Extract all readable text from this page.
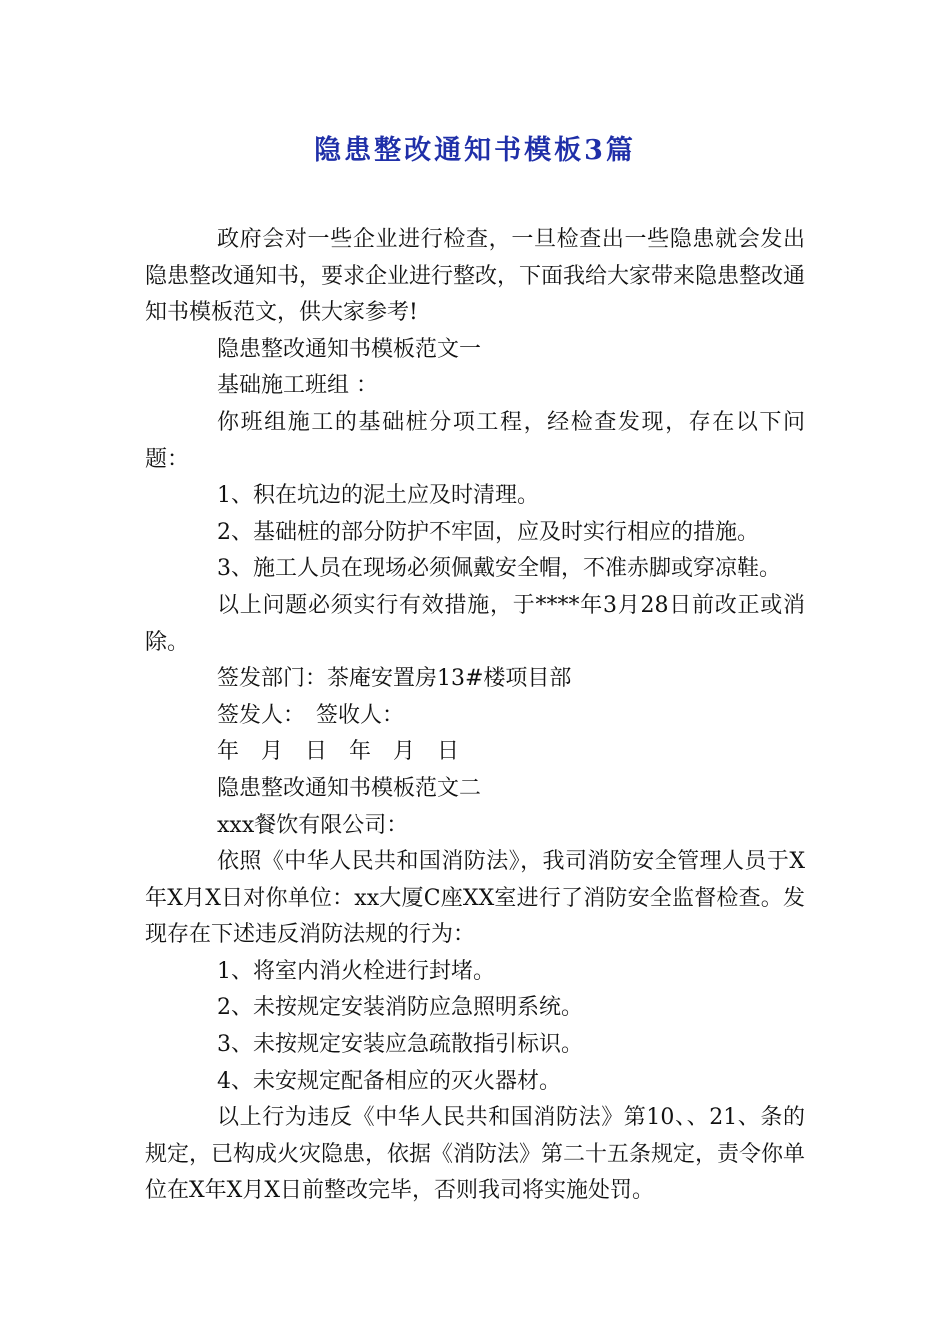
隐患整改通知书模板3篇

政府会对一些企业进行检查，一旦检查出一些隐患就会发出隐患整改通知书，要求企业进行整改，下面我给大家带来隐患整改通知书模板范文，供大家参考!

隐患整改通知书模板范文一

基础施工班组 ：

你班组施工的基础桩分项工程，经检查发现，存在以下问题：

1、积在坑边的泥土应及时清理。

2、基础桩的部分防护不牢固，应及时实行相应的措施。

3、施工人员在现场必须佩戴安全帽，不准赤脚或穿凉鞋。

以上问题必须实行有效措施，于****年3月28日前改正或消除。

签发部门：茶庵安置房13#楼项目部

签发人：　签收人：

年　月　日　年　月　日

隐患整改通知书模板范文二

xxx餐饮有限公司：

依照《中华人民共和国消防法》，我司消防安全管理人员于X年X月X日对你单位：xx大厦C座XX室进行了消防安全监督检查。发现存在下述违反消防法规的行为：

1、将室内消火栓进行封堵。

2、未按规定安装消防应急照明系统。

3、未按规定安装应急疏散指引标识。

4、未安规定配备相应的灭火器材。

以上行为违反《中华人民共和国消防法》第10、、21、条的规定，已构成火灾隐患，依据《消防法》第二十五条规定，责令你单位在X年X月X日前整改完毕，否则我司将实施处罚。
